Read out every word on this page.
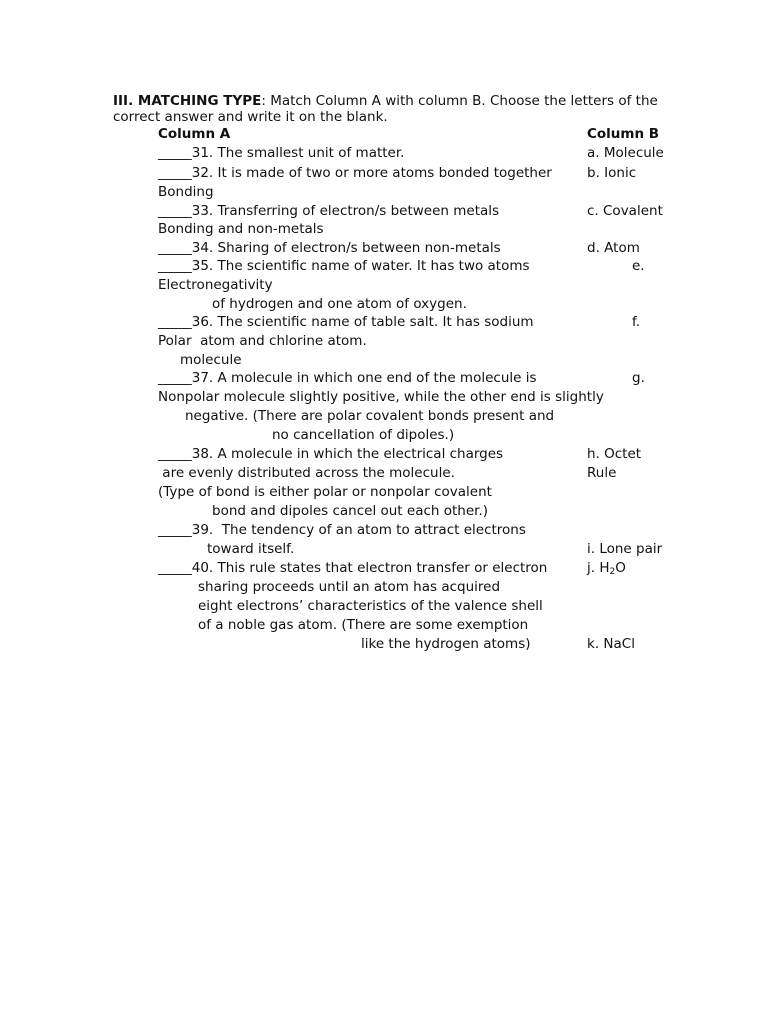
III. MATCHING TYPE: Match Column A with column B. Choose the letters of the
correct answer and write it on the blank.
Column A	Column B
_____31. The smallest unit of matter.
_____32. It is made of two or more atoms bonded together
Bonding
_____33. Transferring of electron/s between metals
Bonding and non-metals
_____34. Sharing of electron/s between non-metals
_____35. The scientific name of water. It has two atoms
Electronegativity
of hydrogen and one atom of oxygen.
_____36. The scientific name of table salt. It has sodium
Polar  atom and chlorine atom.
molecule
_____37. A molecule in which one end of the molecule is
Nonpolar molecule slightly positive, while the other end is slightly
negative. (There are polar covalent bonds present and
no cancellation of dipoles.)
_____38. A molecule in which the electrical charges
are evenly distributed across the molecule.
(Type of bond is either polar or nonpolar covalent
bond and dipoles cancel out each other.)
_____39.  The tendency of an atom to attract electrons
toward itself.
_____40. This rule states that electron transfer or electron
sharing proceeds until an atom has acquired
eight electrons’ characteristics of the valence shell
of a noble gas atom. (There are some exemption
like the hydrogen atoms)
a. Molecule
b. Ionic
c. Covalent
d. Atom
e.
f.
g.
h. Octet
Rule
i. Lone pair
j. $H_2O$
k. NaCl
